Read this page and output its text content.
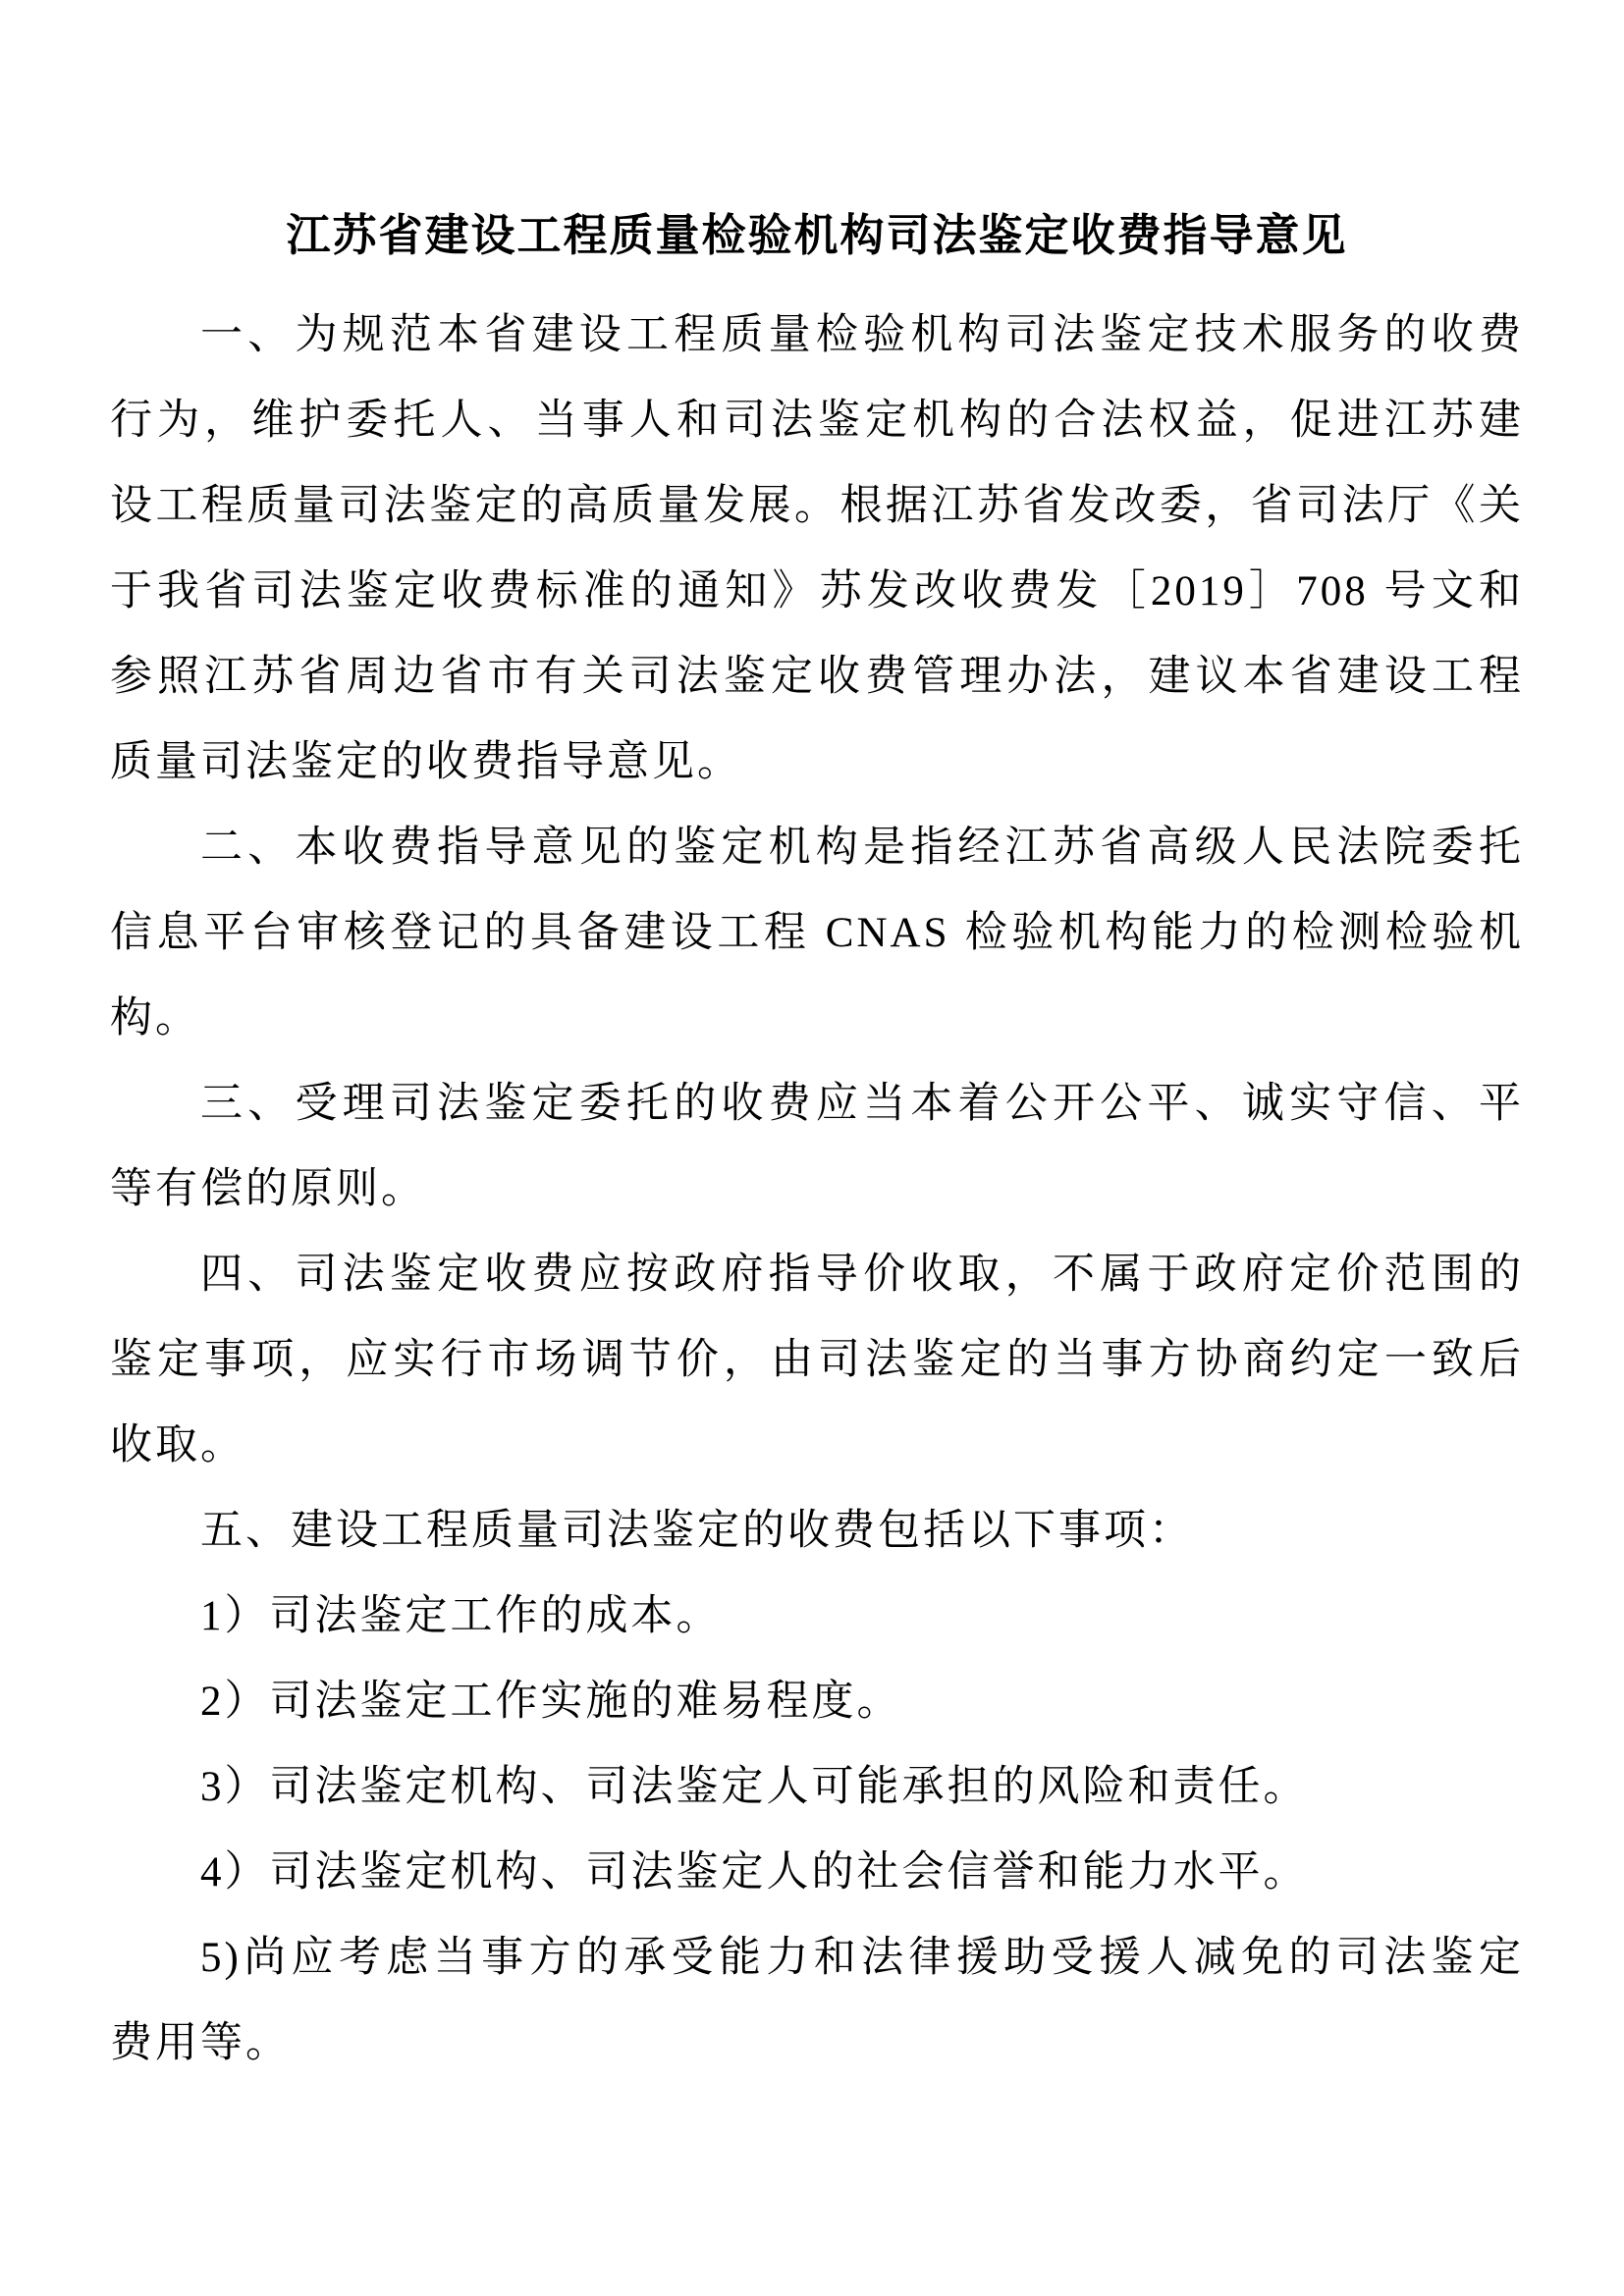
江苏省建设工程质量检验机构司法鉴定收费指导意见
一、为规范本省建设工程质量检验机构司法鉴定技术服务的收费
行为，维护委托人、当事人和司法鉴定机构的合法权益，促进江苏建
设工程质量司法鉴定的高质量发展。根据江苏省发改委，省司法厅《关
于我省司法鉴定收费标准的通知》苏发改收费发［2019］708 号文和
参照江苏省周边省市有关司法鉴定收费管理办法，建议本省建设工程
质量司法鉴定的收费指导意见。
二、本收费指导意见的鉴定机构是指经江苏省高级人民法院委托
信息平台审核登记的具备建设工程 CNAS 检验机构能力的检测检验机
构。
三、受理司法鉴定委托的收费应当本着公开公平、诚实守信、平
等有偿的原则。
四、司法鉴定收费应按政府指导价收取，不属于政府定价范围的
鉴定事项，应实行市场调节价，由司法鉴定的当事方协商约定一致后
收取。
五、建设工程质量司法鉴定的收费包括以下事项：
1）司法鉴定工作的成本。
2）司法鉴定工作实施的难易程度。
3）司法鉴定机构、司法鉴定人可能承担的风险和责任。
4）司法鉴定机构、司法鉴定人的社会信誉和能力水平。
5)尚应考虑当事方的承受能力和法律援助受援人减免的司法鉴定
费用等。
